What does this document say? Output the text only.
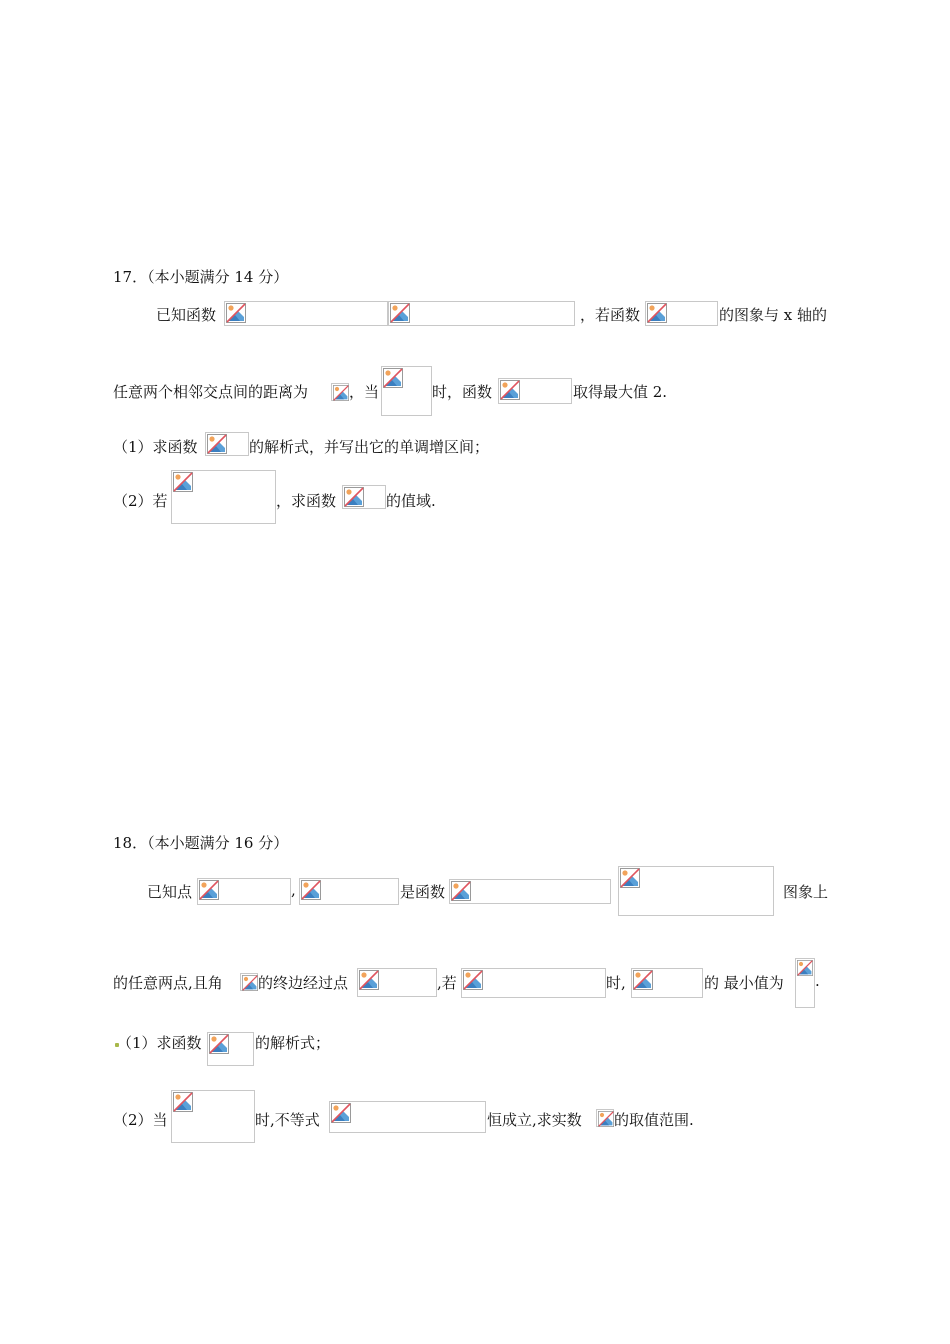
17．（本小题满分 14 分）
已知函数	，若函数	的图象与 x 轴的
任意两个相邻交点间的距离为	，当	时，函数	取得最大值 2.
（1）求函数	的解析式，并写出它的单调增区间；
（2）若	，求函数	的值域.
18．（本小题满分 16 分）
已知点	,	是函数	图象上
的任意两点,且角 的终边经过点	,若	时,	的 最小值为 .
（1）求函数	的解析式；
（2）当	时,不等式	恒成立,求实数 的取值范围.
